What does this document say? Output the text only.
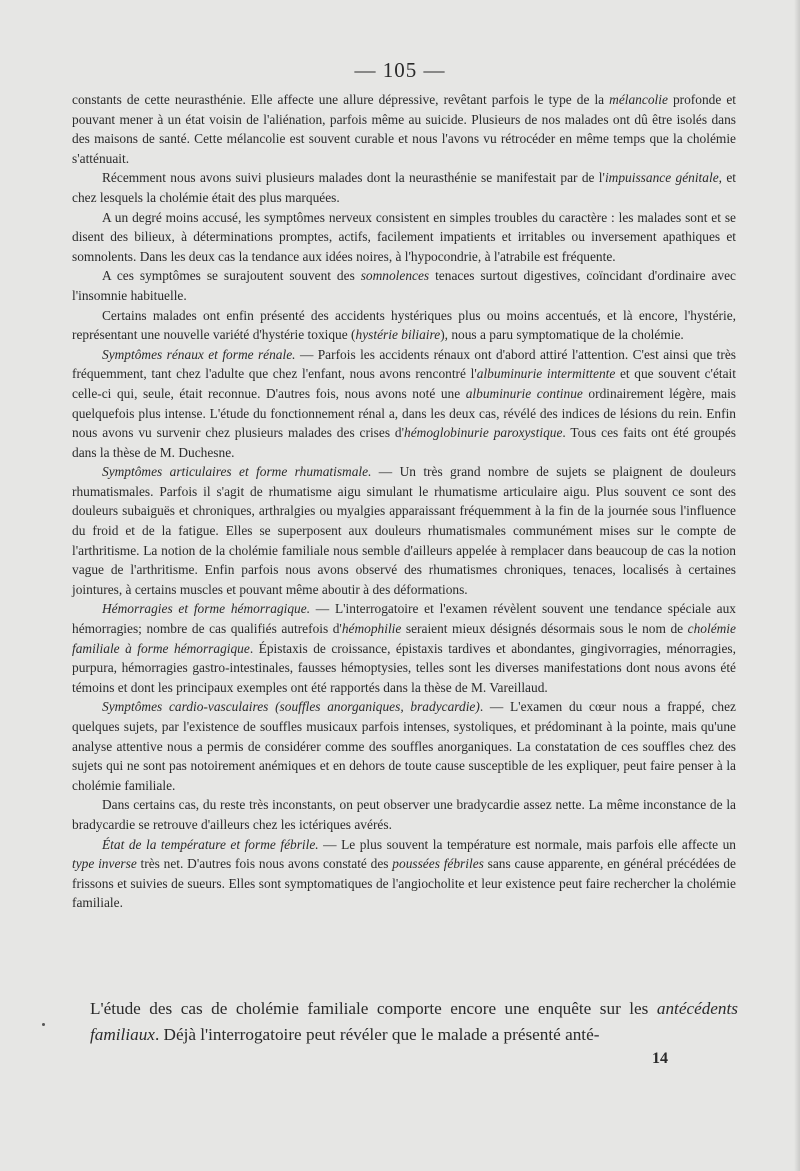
— 105 —

constants de cette neurasthénie. Elle affecte une allure dépressive, revêtant parfois le type de la mélancolie profonde et pouvant mener à un état voisin de l'aliénation, parfois même au suicide. Plusieurs de nos malades ont dû être isolés dans des maisons de santé. Cette mélancolie est souvent curable et nous l'avons vu rétrocéder en même temps que la cholémie s'atténuait.

Récemment nous avons suivi plusieurs malades dont la neurasthénie se manifestait par de l'impuissance génitale, et chez lesquels la cholémie était des plus marquées.

A un degré moins accusé, les symptômes nerveux consistent en simples troubles du caractère : les malades sont et se disent des bilieux, à déterminations promptes, actifs, facilement impatients et irritables ou inversement apathiques et somnolents. Dans les deux cas la tendance aux idées noires, à l'hypocondrie, à l'atrabile est fréquente.

A ces symptômes se surajoutent souvent des somnolences tenaces surtout digestives, coïncidant d'ordinaire avec l'insomnie habituelle.

Certains malades ont enfin présenté des accidents hystériques plus ou moins accentués, et là encore, l'hystérie, représentant une nouvelle variété d'hystérie toxique (hystérie biliaire), nous a paru symptomatique de la cholémie.

Symptômes rénaux et forme rénale. — Parfois les accidents rénaux ont d'abord attiré l'attention. C'est ainsi que très fréquemment, tant chez l'adulte que chez l'enfant, nous avons rencontré l'albuminurie intermittente et que souvent c'était celle-ci qui, seule, était reconnue. D'autres fois, nous avons noté une albuminurie continue ordinairement légère, mais quelquefois plus intense. L'étude du fonctionnement rénal a, dans les deux cas, révélé des indices de lésions du rein. Enfin nous avons vu survenir chez plusieurs malades des crises d'hémoglobinurie paroxystique. Tous ces faits ont été groupés dans la thèse de M. Duchesne.

Symptômes articulaires et forme rhumatismale. — Un très grand nombre de sujets se plaignent de douleurs rhumatismales. Parfois il s'agit de rhumatisme aigu simulant le rhumatisme articulaire aigu. Plus souvent ce sont des douleurs subaiguës et chroniques, arthralgies ou myalgies apparaissant fréquemment à la fin de la journée sous l'influence du froid et de la fatigue. Elles se superposent aux douleurs rhumatismales communément mises sur le compte de l'arthritisme. La notion de la cholémie familiale nous semble d'ailleurs appelée à remplacer dans beaucoup de cas la notion vague de l'arthritisme. Enfin parfois nous avons observé des rhumatismes chroniques, tenaces, localisés à certaines jointures, à certains muscles et pouvant même aboutir à des déformations.

Hémorragies et forme hémorragique. — L'interrogatoire et l'examen révèlent souvent une tendance spéciale aux hémorragies; nombre de cas qualifiés autrefois d'hémophilie seraient mieux désignés désormais sous le nom de cholémie familiale à forme hémorragique. Épistaxis de croissance, épistaxis tardives et abondantes, gingivorragies, ménorragies, purpura, hémorragies gastro-intestinales, fausses hémoptysies, telles sont les diverses manifestations dont nous avons été témoins et dont les principaux exemples ont été rapportés dans la thèse de M. Vareillaud.

Symptômes cardio-vasculaires (souffles anorganiques, bradycardie). — L'examen du cœur nous a frappé, chez quelques sujets, par l'existence de souffles musicaux parfois intenses, systoliques, et prédominant à la pointe, mais qu'une analyse attentive nous a permis de considérer comme des souffles anorganiques. La constatation de ces souffles chez des sujets qui ne sont pas notoirement anémiques et en dehors de toute cause susceptible de les expliquer, peut faire penser à la cholémie familiale.

Dans certains cas, du reste très inconstants, on peut observer une bradycardie assez nette. La même inconstance de la bradycardie se retrouve d'ailleurs chez les ictériques avérés.

État de la température et forme fébrile. — Le plus souvent la température est normale, mais parfois elle affecte un type inverse très net. D'autres fois nous avons constaté des poussées fébriles sans cause apparente, en général précédées de frissons et suivies de sueurs. Elles sont symptomatiques de l'angiocholite et leur existence peut faire rechercher la cholémie familiale.

L'étude des cas de cholémie familiale comporte encore une enquête sur les antécédents familiaux. Déjà l'interrogatoire peut révéler que le malade a présenté anté-

14
